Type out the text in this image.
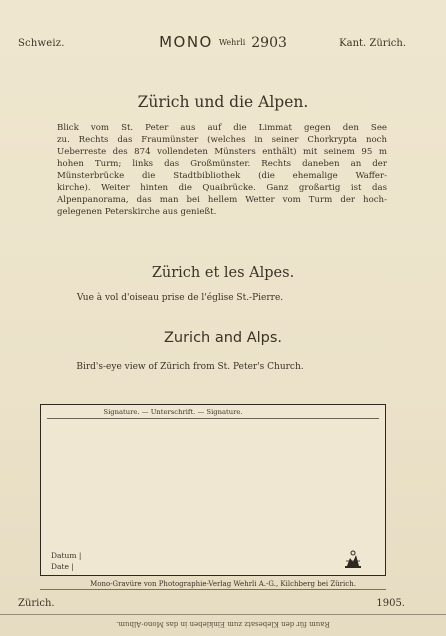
Schweiz.	MONO Wehrli 2903	Kant. Zürich.
Zürich und die Alpen.
Blick vom St. Peter aus auf die Limmat gegen den See
zu. Rechts das Fraumünster (welches in seiner Chorkrypta noch
Ueberreste des 874 vollendeten Münsters enthält) mit seinem 95 m
hohen Turm; links das Großmünster. Rechts daneben an der
Münsterbrücke die Stadtbibliothek (die ehemalige Waffer-
kirche). Weiter hinten die Quaibrücke. Ganz großartig ist das
Alpenpanorama, das man bei hellem Wetter vom Turm der hoch-
gelegenen Peterskirche aus genießt.
Zürich et les Alpes.
Vue à vol d'oiseau prise de l'église St.-Pierre.
Zurich and Alps.
Bird's-eye view of Zürich from St. Peter's Church.
Signature. — Unterschrift. — Signature.
Datum |
Date |
Mono-Gravüre von Photographie-Verlag Wehrli A.-G., Kilchberg bei Zürich.
Zürich.	1905.
Raum für den Klebesatz zum Einkleben in das Mono-Album.
